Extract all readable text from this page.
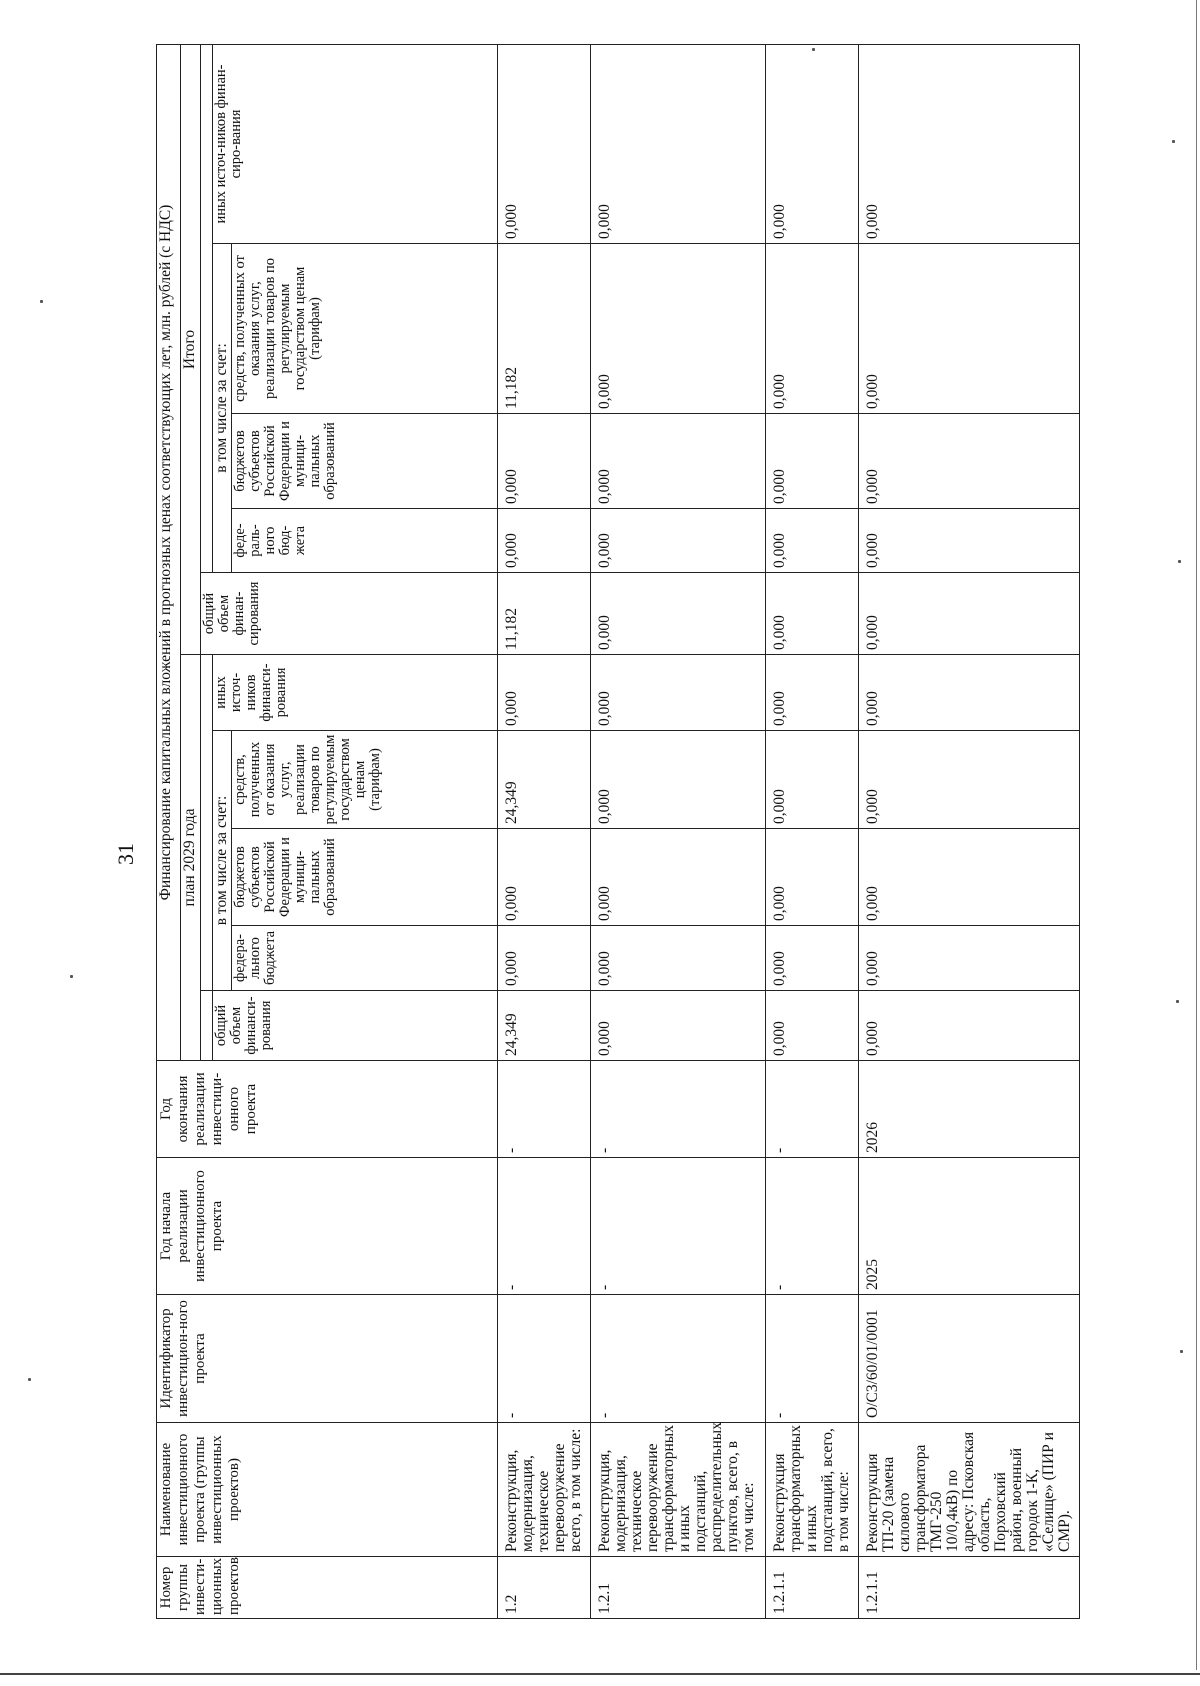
31
Номер группы инвести-ционных проектов	Наименование инвестиционного проекта (группы инвестиционных проектов)	Идентификатор инвестицион-ного проекта	Год начала реализации инвестиционного проекта	Год окончания реализации инвестици-онного проекта	Финансирование капитальных вложений в прогнозных ценах соответствующих лет, млн. рублей (с НДС)									
					план 2029 года					Итого				
										общий объем финан-сирования				
					общий объем финанси-рования	в том числе за счет:			иных источ-ников финанси-рования		в том числе за счет:			иных источ-ников финан-сиро-вания
						федера-льного бюджета	бюджетов субъектов Российской Федерации и муници-пальных образований	средств, полученных от оказания услуг, реализации товаров по регулируемым государством ценам (тарифам)			феде-раль-ного бюд-жета	бюджетов субъектов Российской Федерации и муници-пальных образований	средств, полученных от оказания услуг, реализации товаров по регулируемым государством ценам (тарифам)	

1.2	Реконструкция, модернизация, техническое перевооружение всего, в том числе:	-	-	-	24,349	0,000	0,000	24,349	0,000	11,182	0,000	0,000	11,182	0,000
1.2.1	Реконструкция, модернизация, техническое перевооружение трансформаторных и иных подстанций, распределительных пунктов, всего, в том числе:	-	-	-	0,000	0,000	0,000	0,000	0,000	0,000	0,000	0,000	0,000	0,000
1.2.1.1	Реконструкция трансформаторных и иных подстанций, всего, в том числе:	-	-	-	0,000	0,000	0,000	0,000	0,000	0,000	0,000	0,000	0,000	0,000
1.2.1.1	Реконструкция ТП-20 (замена силового трансформатора ТМГ-250 10/0,4кВ) по адресу: Псковская область, Порховский район, военный городок 1-К, «Селище» (ПИР и СМР).	O/C3/60/01/0001	2025	2026	0,000	0,000	0,000	0,000	0,000	0,000	0,000	0,000	0,000	0,000
